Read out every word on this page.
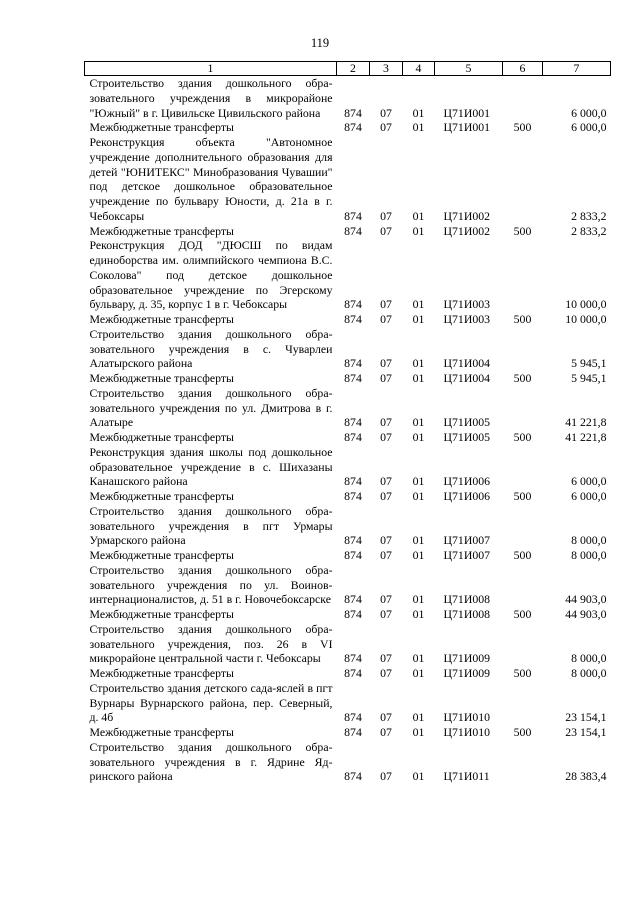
119
1	2	3	4	5	6	7
Строительство здания дошкольного образовательного учреждения в микрорайоне "Южный" в г. Цивильске Цивильского района	874	07	01	Ц71И001		6 000,0
Межбюджетные трансферты	874	07	01	Ц71И001	500	6 000,0
Реконструкция объекта "Автономное учреждение дополнительного образования для детей "ЮНИТЕКС" Минобразования Чувашии" под детское дошкольное образовательное учреждение по бульвару Юности, д. 21а в г. Чебоксары	874	07	01	Ц71И002		2 833,2
Межбюджетные трансферты	874	07	01	Ц71И002	500	2 833,2
Реконструкция ДОД "ДЮСШ по видам единоборства им. олимпийского чемпиона В.С. Соколова" под детское дошкольное образовательное учреждение по Эгерскому бульвару, д. 35, корпус 1 в г. Чебоксары	874	07	01	Ц71И003		10 000,0
Межбюджетные трансферты	874	07	01	Ц71И003	500	10 000,0
Строительство здания дошкольного образовательного учреждения в с. Чуварлеи Алатырского района	874	07	01	Ц71И004		5 945,1
Межбюджетные трансферты	874	07	01	Ц71И004	500	5 945,1
Строительство здания дошкольного образовательного учреждения по ул. Дмитрова в г. Алатыре	874	07	01	Ц71И005		41 221,8
Межбюджетные трансферты	874	07	01	Ц71И005	500	41 221,8
Реконструкция здания школы под дошкольное образовательное учреждение в с. Шихазаны Канашского района	874	07	01	Ц71И006		6 000,0
Межбюджетные трансферты	874	07	01	Ц71И006	500	6 000,0
Строительство здания дошкольного образовательного учреждения в пгт Урмары Урмарского района	874	07	01	Ц71И007		8 000,0
Межбюджетные трансферты	874	07	01	Ц71И007	500	8 000,0
Строительство здания дошкольного образовательного учреждения по ул. Воинов-интернационалистов, д. 51 в г. Новочебоксарске	874	07	01	Ц71И008		44 903,0
Межбюджетные трансферты	874	07	01	Ц71И008	500	44 903,0
Строительство здания дошкольного образовательного учреждения, поз. 26 в VI микрорайоне центральной части г. Чебоксары	874	07	01	Ц71И009		8 000,0
Межбюджетные трансферты	874	07	01	Ц71И009	500	8 000,0
Строительство здания детского сада-яслей в пгт Вурнары Вурнарского района, пер. Северный, д. 4б	874	07	01	Ц71И010		23 154,1
Межбюджетные трансферты	874	07	01	Ц71И010	500	23 154,1
Строительство здания дошкольного образовательного учреждения в г. Ядрине Ядринского района	874	07	01	Ц71И011		28 383,4
